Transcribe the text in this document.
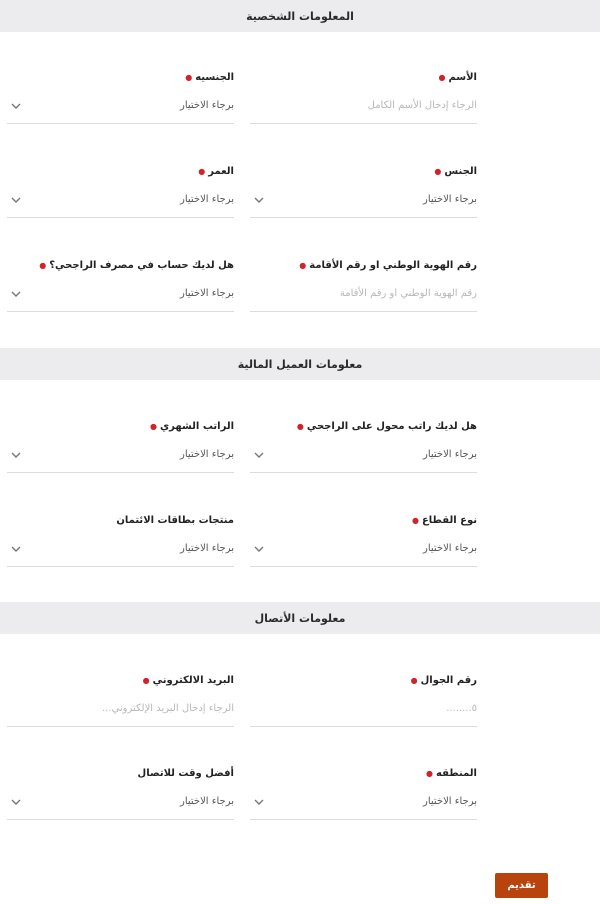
المعلومات الشخصية
الأسم●
الرجاء إدخال الأسم الكامل
الجنسيه●
برجاء الاختيار
الجنس●
برجاء الاختيار
العمر●
برجاء الاختيار
رقم الهوية الوطني او رقم الأقامة●
رقم الهوية الوطني او رقم الأقامة
هل لديك حساب في مصرف الراجحي؟●
برجاء الاختيار
معلومات العميل المالية
هل لديك راتب محول على الراجحي●
برجاء الاختيار
الراتب الشهري●
برجاء الاختيار
نوع القطاع●
برجاء الاختيار
منتجات بطاقات الائتمان
برجاء الاختيار
معلومات الأتصال
رقم الجوال●
٥........
البريد الالكتروني●
الرجاء إدخال البريد الإلكتروني...
المنطقه●
برجاء الاختيار
أفضل وقت للاتصال
برجاء الاختيار
تقديم
